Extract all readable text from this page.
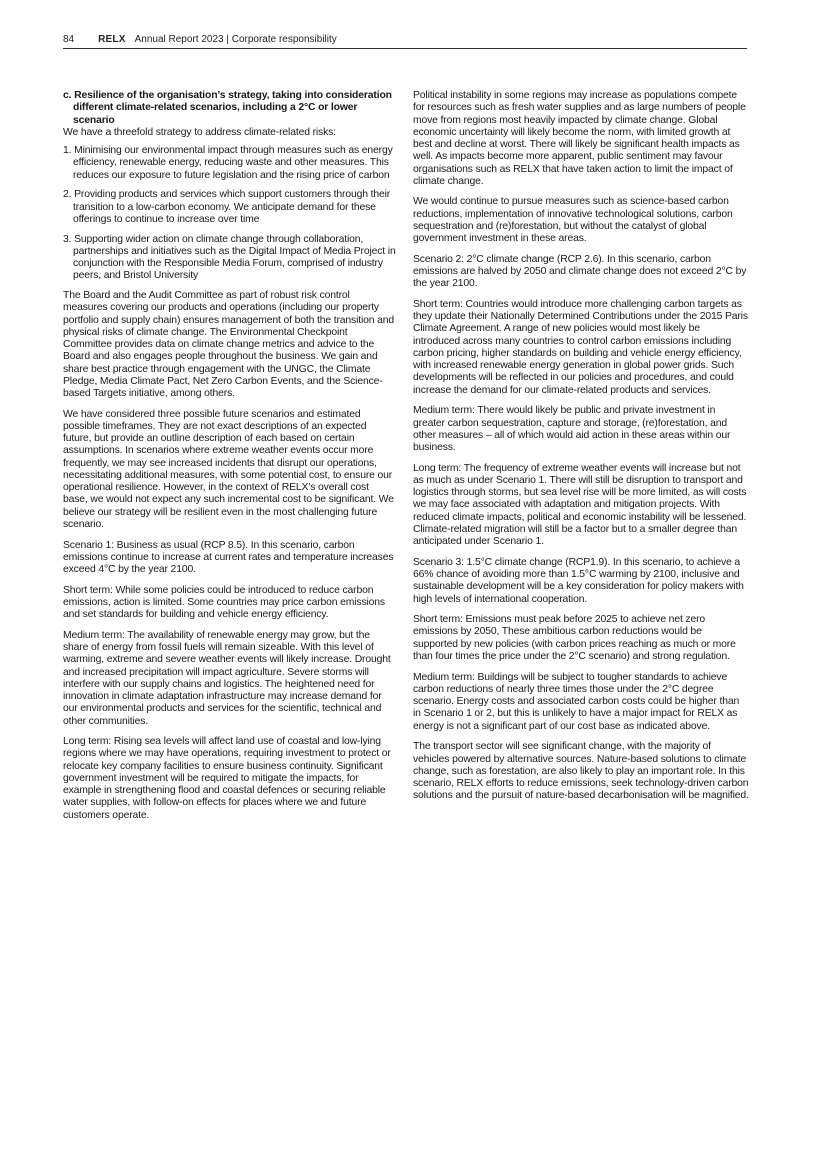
84 RELX Annual Report 2023 | Corporate responsibility

c. Resilience of the organisation’s strategy, taking into consideration different climate-related scenarios, including a 2°C or lower scenario

We have a threefold strategy to address climate-related risks:

1. Minimising our environmental impact through measures such as energy efficiency, renewable energy, reducing waste and other measures. This reduces our exposure to future legislation and the rising price of carbon
2. Providing products and services which support customers through their transition to a low-carbon economy. We anticipate demand for these offerings to continue to increase over time
3. Supporting wider action on climate change through collaboration, partnerships and initiatives such as the Digital Impact of Media Project in conjunction with the Responsible Media Forum, comprised of industry peers, and Bristol University

The Board and the Audit Committee as part of robust risk control measures covering our products and operations (including our property portfolio and supply chain) ensures management of both the transition and physical risks of climate change. The Environmental Checkpoint Committee provides data on climate change metrics and advice to the Board and also engages people throughout the business. We gain and share best practice through engagement with the UNGC, the Climate Pledge, Media Climate Pact, Net Zero Carbon Events, and the Science-based Targets initiative, among others.

We have considered three possible future scenarios and estimated possible timeframes. They are not exact descriptions of an expected future, but provide an outline description of each based on certain assumptions. In scenarios where extreme weather events occur more frequently, we may see increased incidents that disrupt our operations, necessitating additional measures, with some potential cost, to ensure our operational resilience. However, in the context of RELX’s overall cost base, we would not expect any such incremental cost to be significant. We believe our strategy will be resilient even in the most challenging future scenario.

Scenario 1: Business as usual (RCP 8.5). In this scenario, carbon emissions continue to increase at current rates and temperature increases exceed 4°C by the year 2100.

Short term: While some policies could be introduced to reduce carbon emissions, action is limited. Some countries may price carbon emissions and set standards for building and vehicle energy efficiency.

Medium term: The availability of renewable energy may grow, but the share of energy from fossil fuels will remain sizeable. With this level of warming, extreme and severe weather events will likely increase. Drought and increased precipitation will impact agriculture. Severe storms will interfere with our supply chains and logistics. The heightened need for innovation in climate adaptation infrastructure may increase demand for our environmental products and services for the scientific, technical and other communities.

Long term: Rising sea levels will affect land use of coastal and low-lying regions where we may have operations, requiring investment to protect or relocate key company facilities to ensure business continuity. Significant government investment will be required to mitigate the impacts, for example in strengthening flood and coastal defences or securing reliable water supplies, with follow-on effects for places where we and future customers operate.

Political instability in some regions may increase as populations compete for resources such as fresh water supplies and as large numbers of people move from regions most heavily impacted by climate change. Global economic uncertainty will likely become the norm, with limited growth at best and decline at worst. There will likely be significant health impacts as well. As impacts become more apparent, public sentiment may favour organisations such as RELX that have taken action to limit the impact of climate change.

We would continue to pursue measures such as science-based carbon reductions, implementation of innovative technological solutions, carbon sequestration and (re)forestation, but without the catalyst of global government investment in these areas.

Scenario 2: 2°C climate change (RCP 2.6). In this scenario, carbon emissions are halved by 2050 and climate change does not exceed 2°C by the year 2100.

Short term: Countries would introduce more challenging carbon targets as they update their Nationally Determined Contributions under the 2015 Paris Climate Agreement. A range of new policies would most likely be introduced across many countries to control carbon emissions including carbon pricing, higher standards on building and vehicle energy efficiency, with increased renewable energy generation in global power grids. Such developments will be reflected in our policies and procedures, and could increase the demand for our climate-related products and services.

Medium term: There would likely be public and private investment in greater carbon sequestration, capture and storage, (re)forestation, and other measures – all of which would aid action in these areas within our business.

Long term: The frequency of extreme weather events will increase but not as much as under Scenario 1. There will still be disruption to transport and logistics through storms, but sea level rise will be more limited, as will costs we may face associated with adaptation and mitigation projects. With reduced climate impacts, political and economic instability will be lessened. Climate-related migration will still be a factor but to a smaller degree than anticipated under Scenario 1.

Scenario 3: 1.5°C climate change (RCP1.9). In this scenario, to achieve a 66% chance of avoiding more than 1.5°C warming by 2100, inclusive and sustainable development will be a key consideration for policy makers with high levels of international cooperation.

Short term: Emissions must peak before 2025 to achieve net zero emissions by 2050, These ambitious carbon reductions would be supported by new policies (with carbon prices reaching as much or more than four times the price under the 2°C scenario) and strong regulation.

Medium term: Buildings will be subject to tougher standards to achieve carbon reductions of nearly three times those under the 2°C degree scenario. Energy costs and associated carbon costs could be higher than in Scenario 1 or 2, but this is unlikely to have a major impact for RELX as energy is not a significant part of our cost base as indicated above.

The transport sector will see significant change, with the majority of vehicles powered by alternative sources. Nature-based solutions to climate change, such as forestation, are also likely to play an important role. In this scenario, RELX efforts to reduce emissions, seek technology-driven carbon solutions and the pursuit of nature-based decarbonisation will be magnified.
